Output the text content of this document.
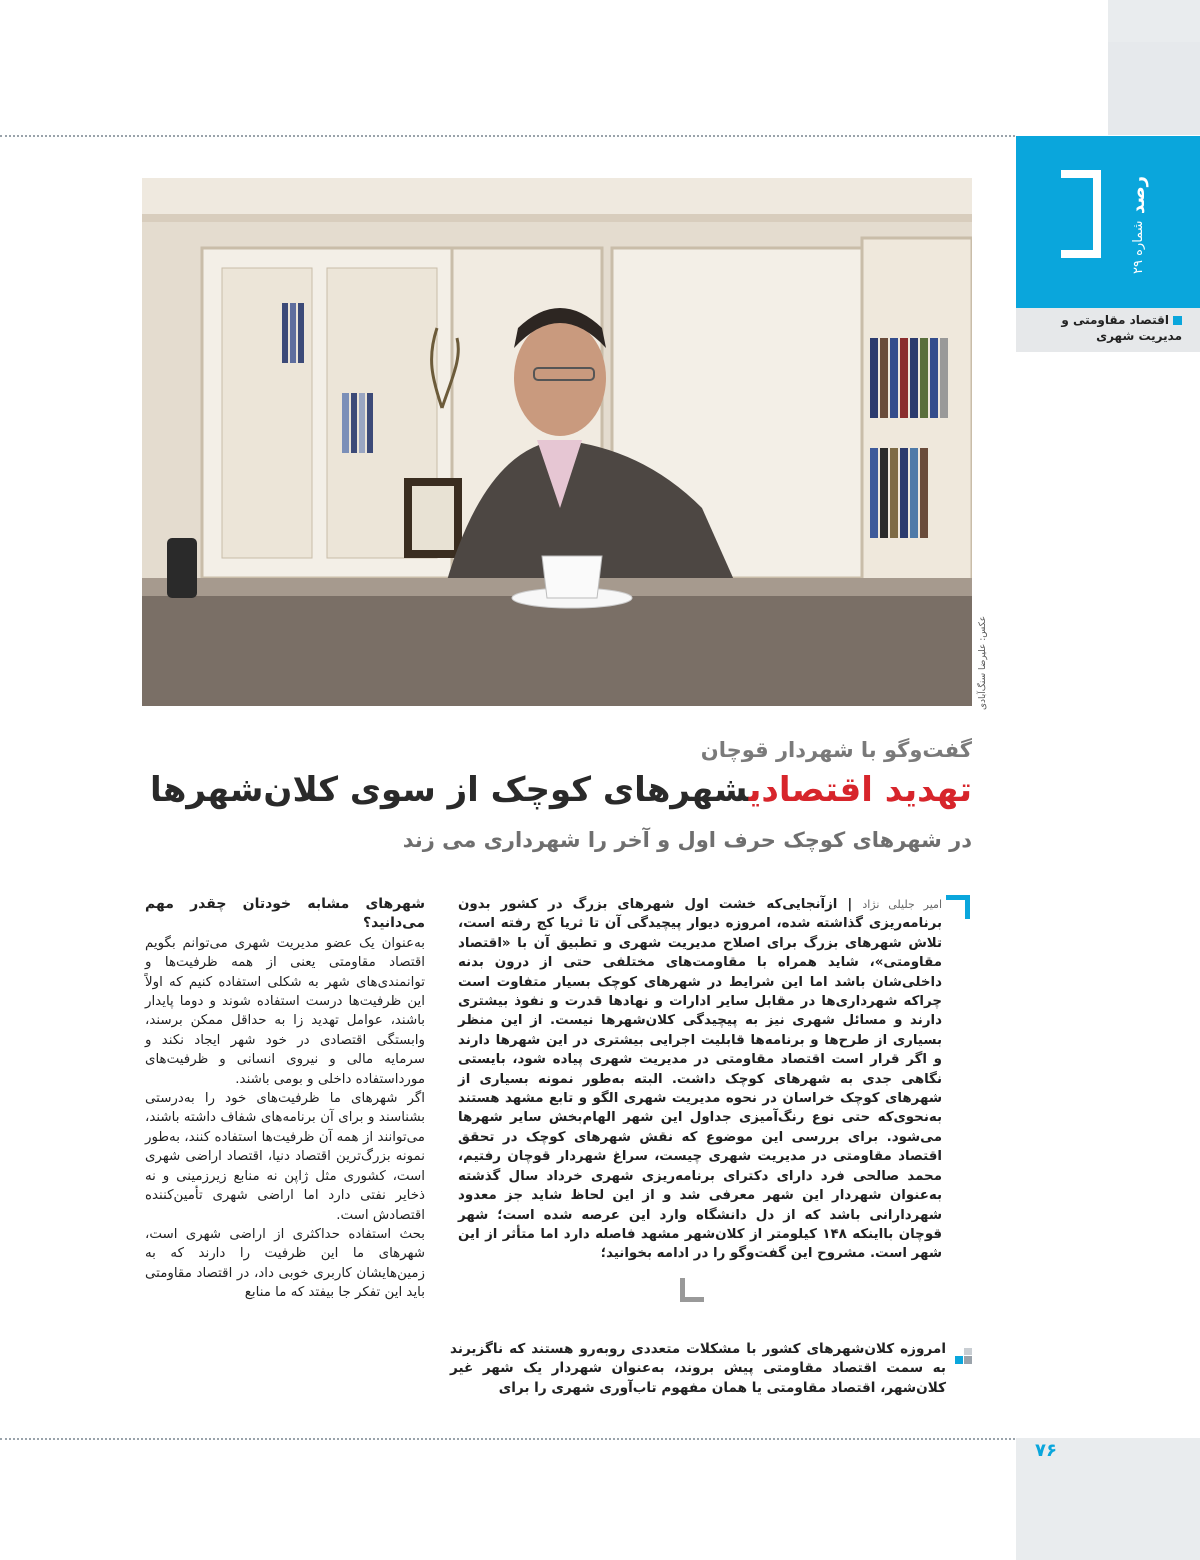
رصد شماره ۲۹
اقتصاد مقاومتی و مدیریت شهری
عکس: علیرضا سنگ‌آبادی
گفت‌وگو با شهردار قوچان
تهدید اقتصادیشهرهای کوچک از سوی کلان‌شهرها
در شهرهای کوچک حرف اول و آخر را شهرداری می زند
امیر جلیلی نژاد | ازآنجایی‌که خشت اول شهرهای بزرگ در کشور بدون برنامه‌ریزی گذاشته شده، امروزه دیوار پیچیدگی آن تا ثریا کج رفته است، تلاش شهرهای بزرگ برای اصلاح مدیریت شهری و تطبیق آن با «اقتصاد مقاومتی»، شاید همراه با مقاومت‌های مختلفی حتی از درون بدنه داخلی‌شان باشد اما این شرایط در شهرهای کوچک بسیار متفاوت است چراکه شهرداری‌ها در مقابل سایر ادارات و نهادها قدرت و نفوذ بیشتری دارند و مسائل شهری نیز به پیچیدگی کلان‌شهرها نیست. از این منظر بسیاری از طرح‌ها و برنامه‌ها قابلیت اجرایی بیشتری در این شهرها دارند و اگر قرار است اقتصاد مقاومتی در مدیریت شهری پیاده شود، بایستی نگاهی جدی به شهرهای کوچک داشت. البته به‌طور نمونه بسیاری از شهرهای کوچک خراسان در نحوه مدیریت شهری الگو و تابع مشهد هستند به‌نحوی‌که حتی نوع رنگ‌آمیزی جداول این شهر الهام‌بخش سایر شهرها می‌شود. برای بررسی این موضوع که نقش شهرهای کوچک در تحقق اقتصاد مقاومتی در مدیریت شهری چیست، سراغ شهردار قوچان رفتیم، محمد صالحی فرد دارای دکترای برنامه‌ریزی شهری خرداد سال گذشته به‌عنوان شهردار این شهر معرفی شد و از این لحاظ شاید جز معدود شهردارانی باشد که از دل دانشگاه وارد این عرصه شده است؛ شهر قوچان بااینکه ۱۴۸ کیلومتر از کلان‌شهر مشهد فاصله دارد اما متأثر از این شهر است. مشروح این گفت‌وگو را در ادامه بخوانید؛
امروزه کلان‌شهرهای کشور با مشکلات متعددی روبه‌رو هستند که ناگزیرند به سمت اقتصاد مقاومتی پیش بروند، به‌عنوان شهردار یک شهر غیر کلان‌شهر، اقتصاد مقاومتی یا همان مفهوم تاب‌آوری شهری را برای
شهرهای مشابه خودتان چقدر مهم می‌دانید؟
به‌عنوان یک عضو مدیریت شهری می‌توانم بگویم اقتصاد مقاومتی یعنی از همه ظرفیت‌ها و توانمندی‌های شهر به شکلی استفاده کنیم که اولاً این ظرفیت‌ها درست استفاده شوند و دوما پایدار باشند، عوامل تهدید زا به حداقل ممکن برسند، وابستگی اقتصادی در خود شهر ایجاد نکند و سرمایه مالی و نیروی انسانی و ظرفیت‌های مورداستفاده داخلی و بومی باشند.
اگر شهرهای ما ظرفیت‌های خود را به‌درستی بشناسند و برای آن برنامه‌های شفاف داشته باشند، می‌توانند از همه آن ظرفیت‌ها استفاده کنند، به‌طور نمونه بزرگ‌ترین اقتصاد دنیا، اقتصاد اراضی شهری است، کشوری مثل ژاپن نه منابع زیرزمینی و نه ذخایر نفتی دارد اما اراضی شهری تأمین‌کننده اقتصادش است.
بحث استفاده حداکثری از اراضی شهری است، شهرهای ما این ظرفیت را دارند که به زمین‌هایشان کاربری خوبی داد، در اقتصاد مقاومتی باید این تفکر جا بیفتد که ما منابع
۷۶
